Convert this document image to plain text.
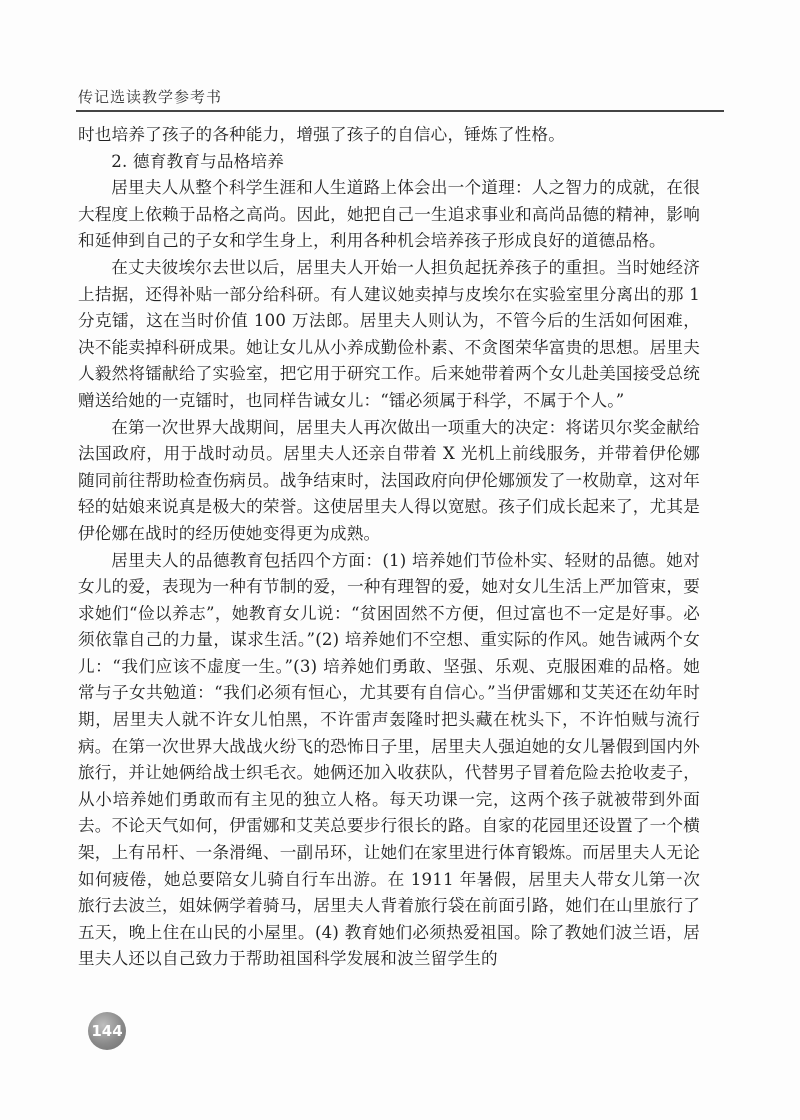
传记选读教学参考书

时也培养了孩子的各种能力，增强了孩子的自信心，锤炼了性格。

2. 德育教育与品格培养

居里夫人从整个科学生涯和人生道路上体会出一个道理：人之智力的成就，在很大程度上依赖于品格之高尚。因此，她把自己一生追求事业和高尚品德的精神，影响和延伸到自己的子女和学生身上，利用各种机会培养孩子形成良好的道德品格。

在丈夫彼埃尔去世以后，居里夫人开始一人担负起抚养孩子的重担。当时她经济上拮据，还得补贴一部分给科研。有人建议她卖掉与皮埃尔在实验室里分离出的那 1 分克镭，这在当时价值 100 万法郎。居里夫人则认为，不管今后的生活如何困难，决不能卖掉科研成果。她让女儿从小养成勤俭朴素、不贪图荣华富贵的思想。居里夫人毅然将镭献给了实验室，把它用于研究工作。后来她带着两个女儿赴美国接受总统赠送给她的一克镭时，也同样告诫女儿：“镭必须属于科学，不属于个人。”

在第一次世界大战期间，居里夫人再次做出一项重大的决定：将诺贝尔奖金献给法国政府，用于战时动员。居里夫人还亲自带着 X 光机上前线服务，并带着伊伦娜随同前往帮助检查伤病员。战争结束时，法国政府向伊伦娜颁发了一枚勋章，这对年轻的姑娘来说真是极大的荣誉。这使居里夫人得以宽慰。孩子们成长起来了，尤其是伊伦娜在战时的经历使她变得更为成熟。

居里夫人的品德教育包括四个方面：(1) 培养她们节俭朴实、轻财的品德。她对女儿的爱，表现为一种有节制的爱，一种有理智的爱，她对女儿生活上严加管束，要求她们“俭以养志”，她教育女儿说：“贫困固然不方便，但过富也不一定是好事。必须依靠自己的力量，谋求生活。”(2) 培养她们不空想、重实际的作风。她告诫两个女儿：“我们应该不虚度一生。”(3) 培养她们勇敢、坚强、乐观、克服困难的品格。她常与子女共勉道：“我们必须有恒心，尤其要有自信心。”当伊雷娜和艾芙还在幼年时期，居里夫人就不许女儿怕黑，不许雷声轰隆时把头藏在枕头下，不许怕贼与流行病。在第一次世界大战战火纷飞的恐怖日子里，居里夫人强迫她的女儿暑假到国内外旅行，并让她俩给战士织毛衣。她俩还加入收获队，代替男子冒着危险去抢收麦子，从小培养她们勇敢而有主见的独立人格。每天功课一完，这两个孩子就被带到外面去。不论天气如何，伊雷娜和艾芙总要步行很长的路。自家的花园里还设置了一个横架，上有吊杆、一条滑绳、一副吊环，让她们在家里进行体育锻炼。而居里夫人无论如何疲倦，她总要陪女儿骑自行车出游。在 1911 年暑假，居里夫人带女儿第一次旅行去波兰，姐妹俩学着骑马，居里夫人背着旅行袋在前面引路，她们在山里旅行了五天，晚上住在山民的小屋里。(4) 教育她们必须热爱祖国。除了教她们波兰语，居里夫人还以自己致力于帮助祖国科学发展和波兰留学生的

144
